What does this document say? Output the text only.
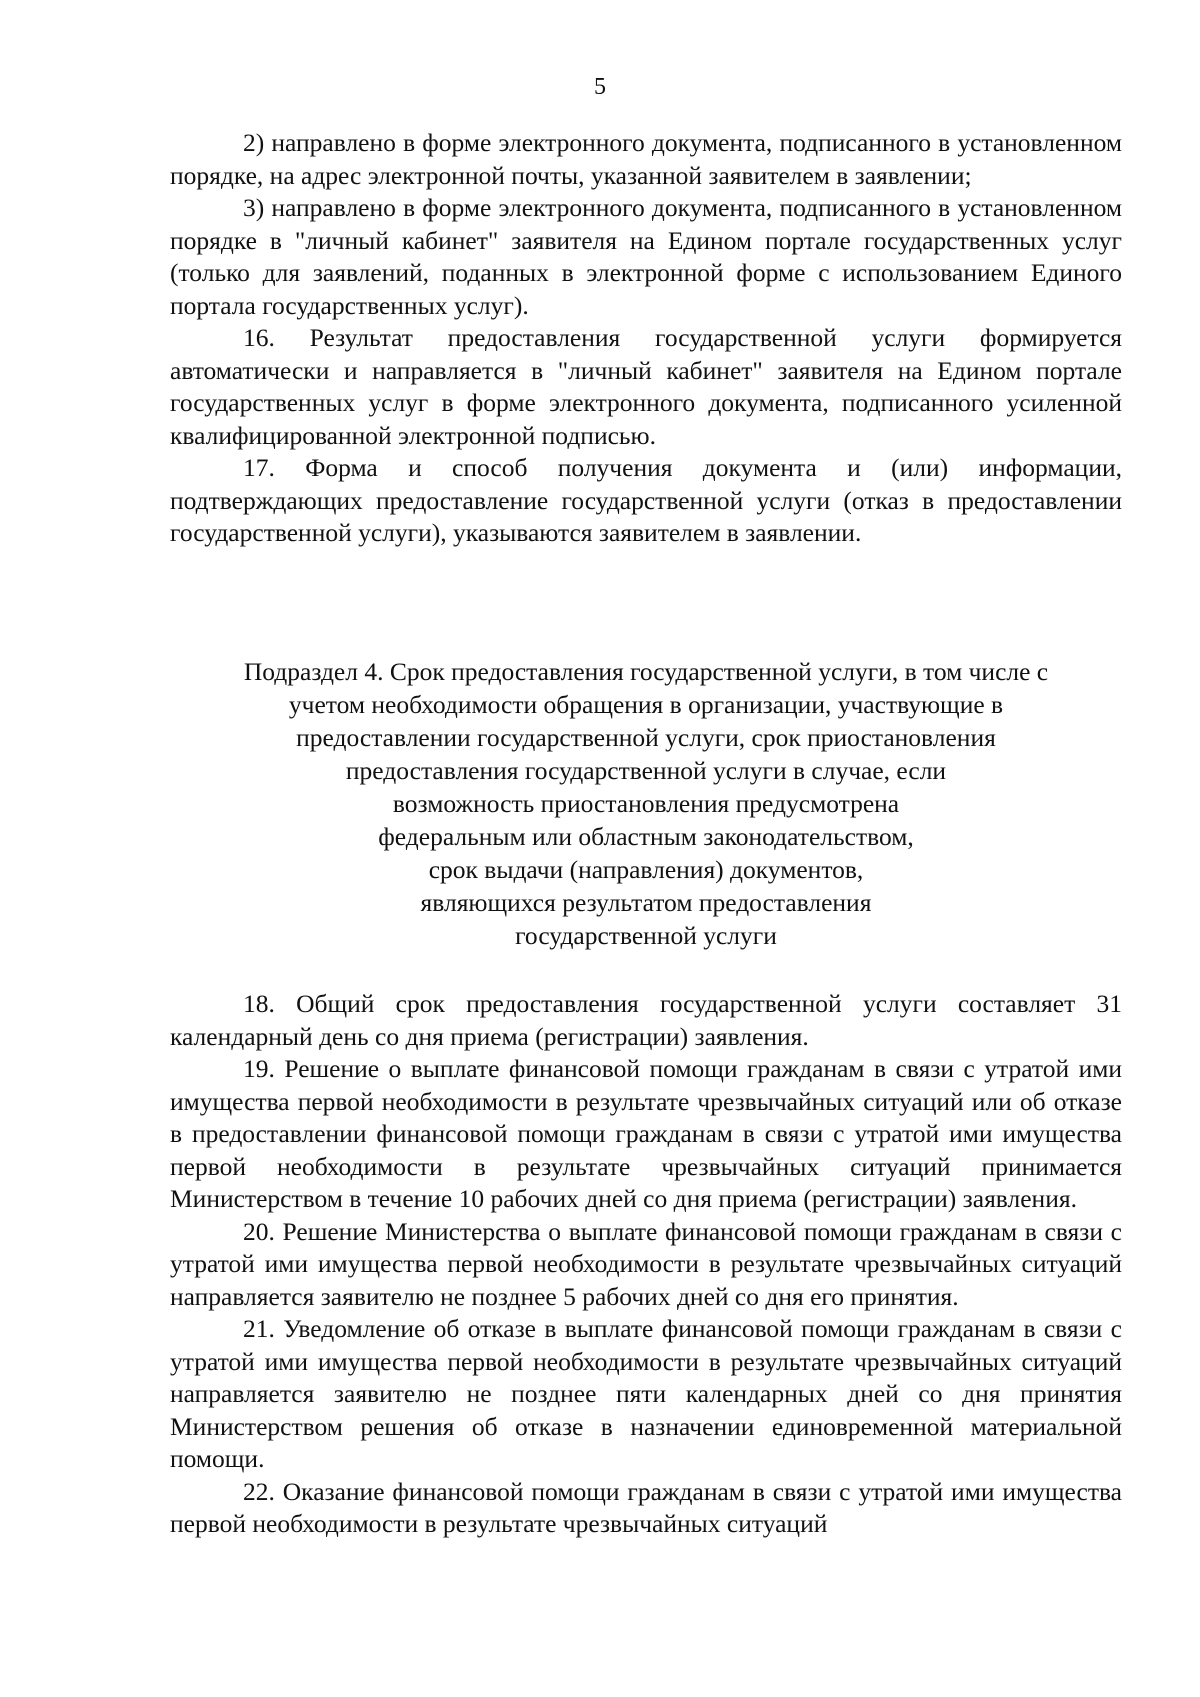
5

2) направлено в форме электронного документа, подписанного в установленном порядке, на адрес электронной почты, указанной заявителем в заявлении;

3) направлено в форме электронного документа, подписанного в установленном порядке в "личный кабинет" заявителя на Едином портале государственных услуг (только для заявлений, поданных в электронной форме с использованием Единого портала государственных услуг).

16. Результат предоставления государственной услуги формируется автоматически и направляется в "личный кабинет" заявителя на Едином портале государственных услуг в форме электронного документа, подписанного усиленной квалифицированной электронной подписью.

17. Форма и способ получения документа и (или) информации, подтверждающих предоставление государственной услуги (отказ в предоставлении государственной услуги), указываются заявителем в заявлении.

Подраздел 4. Срок предоставления государственной услуги, в том числе с
учетом необходимости обращения в организации, участвующие в
предоставлении государственной услуги, срок приостановления
предоставления государственной услуги в случае, если
возможность приостановления предусмотрена
федеральным или областным законодательством,
срок выдачи (направления) документов,
являющихся результатом предоставления
государственной услуги

18. Общий срок предоставления государственной услуги составляет 31 календарный день со дня приема (регистрации) заявления.

19. Решение о выплате финансовой помощи гражданам в связи с утратой ими имущества первой необходимости в результате чрезвычайных ситуаций или об отказе в предоставлении финансовой помощи гражданам в связи с утратой ими имущества первой необходимости в результате чрезвычайных ситуаций принимается Министерством в течение 10 рабочих дней со дня приема (регистрации) заявления.

20. Решение Министерства о выплате финансовой помощи гражданам в связи с утратой ими имущества первой необходимости в результате чрезвычайных ситуаций направляется заявителю не позднее 5 рабочих дней со дня его принятия.

21. Уведомление об отказе в выплате финансовой помощи гражданам в связи с утратой ими имущества первой необходимости в результате чрезвычайных ситуаций направляется заявителю не позднее пяти календарных дней со дня принятия Министерством решения об отказе в назначении единовременной материальной помощи.

22. Оказание финансовой помощи гражданам в связи с утратой ими имущества первой необходимости в результате чрезвычайных ситуаций
